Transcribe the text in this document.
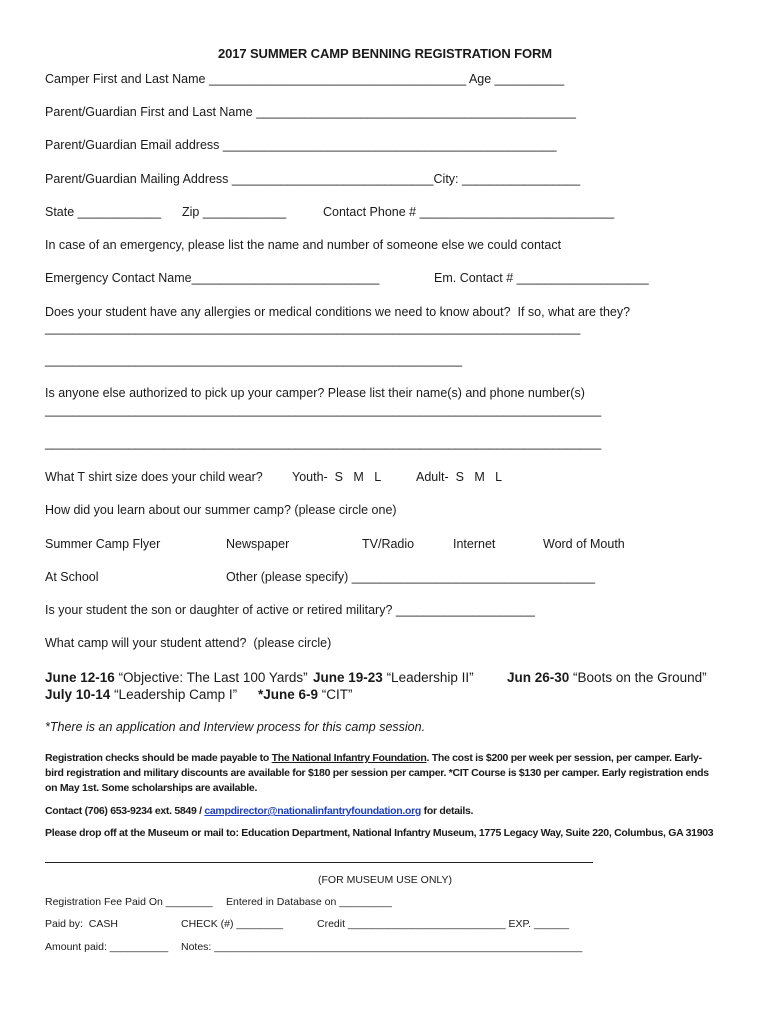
2017 SUMMER CAMP BENNING REGISTRATION FORM
Camper First and Last Name _____________________________________ Age __________
Parent/Guardian First and Last Name ______________________________________________
Parent/Guardian Email address ________________________________________________
Parent/Guardian Mailing Address _____________________________City: _________________
State ____________ Zip ____________	Contact Phone # ____________________________
In case of an emergency, please list the name and number of someone else we could contact
Emergency Contact Name___________________________	Em. Contact # ___________________
Does your student have any allergies or medical conditions we need to know about?  If so, what are they?
_____________________________________________________________________________
____________________________________________________________
Is anyone else authorized to pick up your camper? Please list their name(s) and phone number(s)
________________________________________________________________________________
________________________________________________________________________________
What T shirt size does your child wear? Youth-  S   M   L	Adult-  S   M   L
How did you learn about our summer camp? (please circle one)
Summer Camp Flyer	Newspaper	TV/Radio	Internet	Word of Mouth
At School	Other (please specify) ___________________________________
Is your student the son or daughter of active or retired military? ____________________
What camp will your student attend?  (please circle)
June 12-16 “Objective: The Last 100 Yards” June 19-23 “Leadership II” Jun 26-30 “Boots on the Ground”
July 10-14 “Leadership Camp I” *June 6-9 “CIT”
*There is an application and Interview process for this camp session.
Registration checks should be made payable to The National Infantry Foundation. The cost is $200 per week per session, per camper. Early-bird registration and military discounts are available for $180 per session per camper. *CIT Course is $130 per camper. Early registration ends on May 1st. Some scholarships are available.
Contact (706) 653-9234 ext. 5849 / campdirector@nationalinfantryfoundation.org for details.
Please drop off at the Museum or mail to: Education Department, National Infantry Museum, 1775 Legacy Way, Suite 220, Columbus, GA 31903
(FOR MUSEUM USE ONLY)
Registration Fee Paid On ________ Entered in Database on _________
Paid by:  CASH	CHECK (#) ________	Credit ___________________________ EXP. ______
Amount paid: __________ Notes: _______________________________________________________________
